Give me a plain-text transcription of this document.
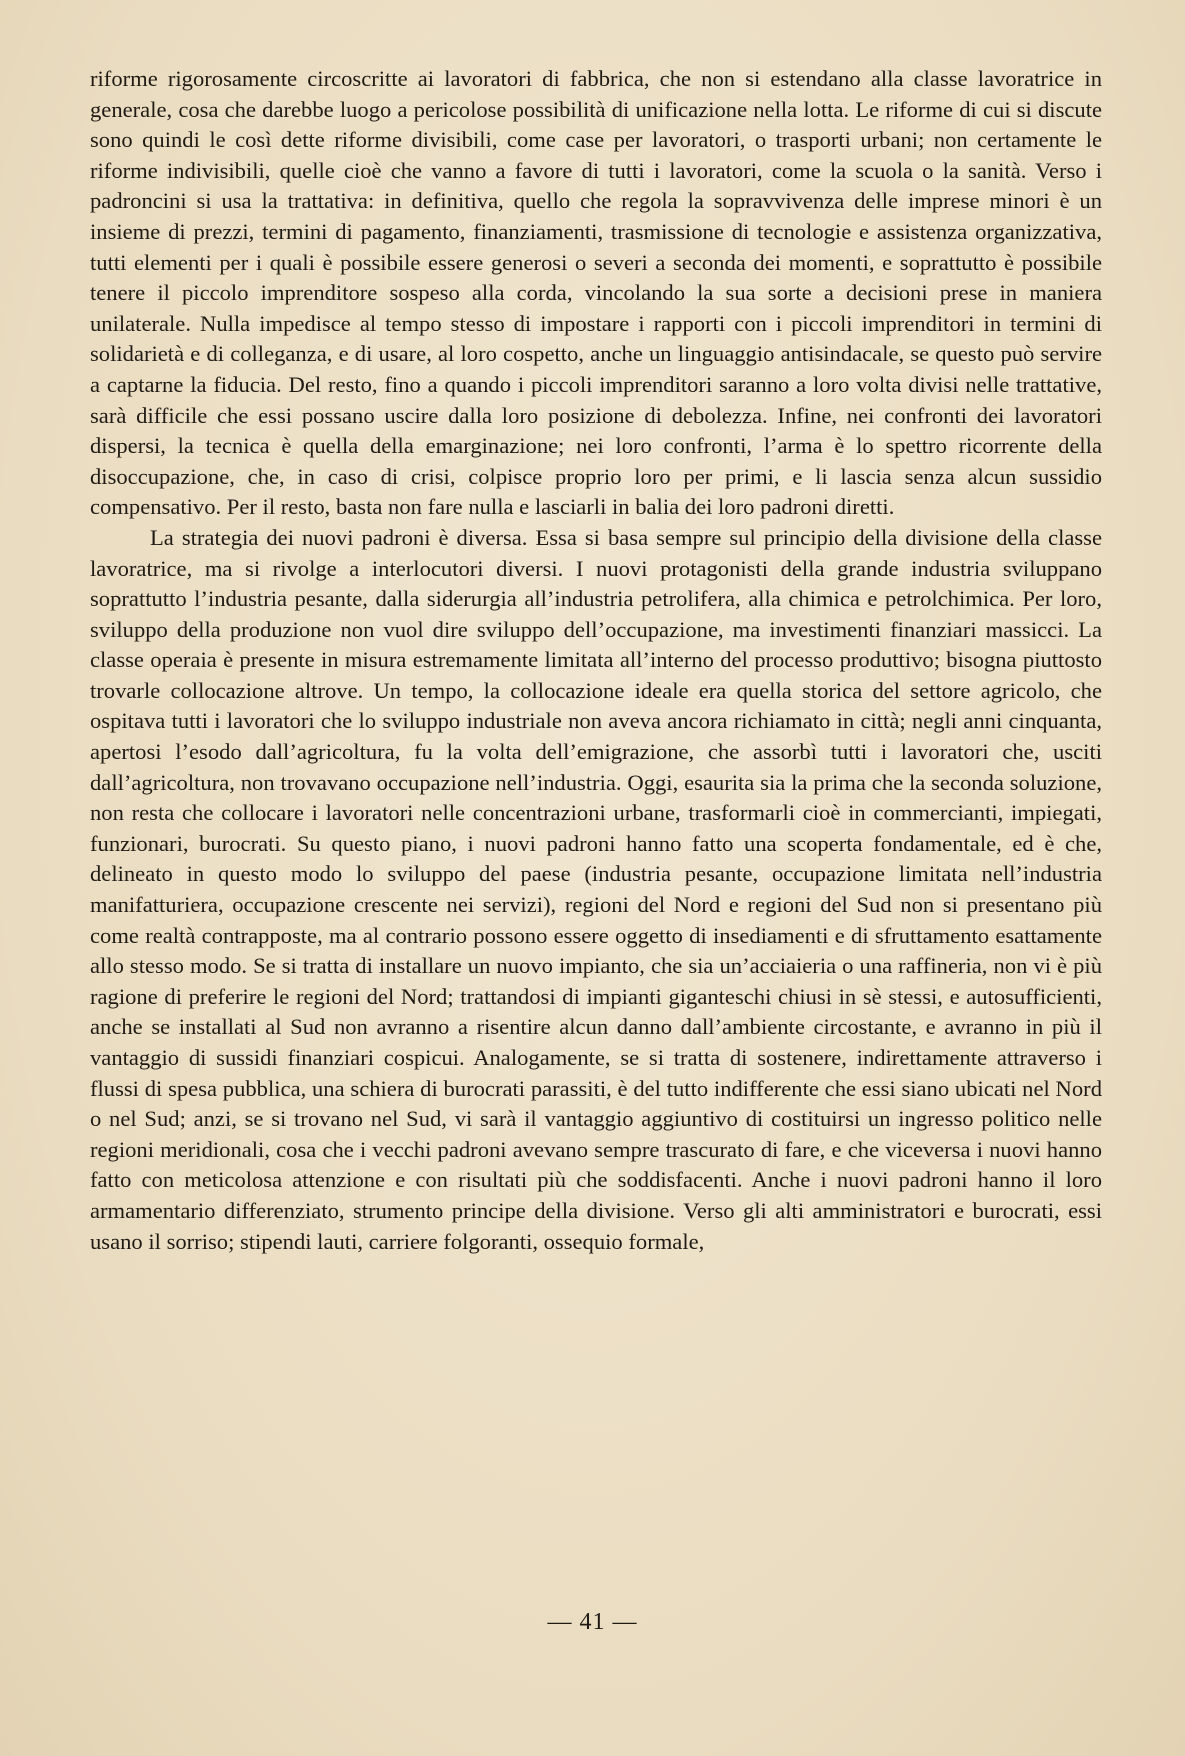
riforme rigorosamente circoscritte ai lavoratori di fabbrica, che non si estendano alla classe lavoratrice in generale, cosa che darebbe luogo a pericolose possibilità di unificazione nella lotta. Le riforme di cui si discute sono quindi le così dette riforme divisibili, come case per lavoratori, o trasporti urbani; non certamente le riforme indivisibili, quelle cioè che vanno a favore di tutti i lavoratori, come la scuola o la sanità. Verso i padroncini si usa la trattativa: in definitiva, quello che regola la sopravvivenza delle imprese minori è un insieme di prezzi, termini di pagamento, finanziamenti, trasmissione di tecnologie e assistenza organizzativa, tutti elementi per i quali è possibile essere generosi o severi a seconda dei momenti, e soprattutto è possibile tenere il piccolo imprenditore sospeso alla corda, vincolando la sua sorte a decisioni prese in maniera unilaterale. Nulla impedisce al tempo stesso di impostare i rapporti con i piccoli imprenditori in termini di solidarietà e di colleganza, e di usare, al loro cospetto, anche un linguaggio antisindacale, se questo può servire a captarne la fiducia. Del resto, fino a quando i piccoli imprenditori saranno a loro volta divisi nelle trattative, sarà difficile che essi possano uscire dalla loro posizione di debolezza. Infine, nei confronti dei lavoratori dispersi, la tecnica è quella della emarginazione; nei loro confronti, l’arma è lo spettro ricorrente della disoccupazione, che, in caso di crisi, colpisce proprio loro per primi, e li lascia senza alcun sussidio compensativo. Per il resto, basta non fare nulla e lasciarli in balia dei loro padroni diretti.

La strategia dei nuovi padroni è diversa. Essa si basa sempre sul principio della divisione della classe lavoratrice, ma si rivolge a interlocutori diversi. I nuovi protagonisti della grande industria sviluppano soprattutto l’industria pesante, dalla siderurgia all’industria petrolifera, alla chimica e petrolchimica. Per loro, sviluppo della produzione non vuol dire sviluppo dell’occupazione, ma investimenti finanziari massicci. La classe operaia è presente in misura estremamente limitata all’interno del processo produttivo; bisogna piuttosto trovarle collocazione altrove. Un tempo, la collocazione ideale era quella storica del settore agricolo, che ospitava tutti i lavoratori che lo sviluppo industriale non aveva ancora richiamato in città; negli anni cinquanta, apertosi l’esodo dall’agricoltura, fu la volta dell’emigrazione, che assorbì tutti i lavoratori che, usciti dall’agricoltura, non trovavano occupazione nell’industria. Oggi, esaurita sia la prima che la seconda soluzione, non resta che collocare i lavoratori nelle concentrazioni urbane, trasformarli cioè in commercianti, impiegati, funzionari, burocrati. Su questo piano, i nuovi padroni hanno fatto una scoperta fondamentale, ed è che, delineato in questo modo lo sviluppo del paese (industria pesante, occupazione limitata nell’industria manifatturiera, occupazione crescente nei servizi), regioni del Nord e regioni del Sud non si presentano più come realtà contrapposte, ma al contrario possono essere oggetto di insediamenti e di sfruttamento esattamente allo stesso modo. Se si tratta di installare un nuovo impianto, che sia un’acciaieria o una raffineria, non vi è più ragione di preferire le regioni del Nord; trattandosi di impianti giganteschi chiusi in sè stessi, e autosufficienti, anche se installati al Sud non avranno a risentire alcun danno dall’ambiente circostante, e avranno in più il vantaggio di sussidi finanziari cospicui. Analogamente, se si tratta di sostenere, indirettamente attraverso i flussi di spesa pubblica, una schiera di burocrati parassiti, è del tutto indifferente che essi siano ubicati nel Nord o nel Sud; anzi, se si trovano nel Sud, vi sarà il vantaggio aggiuntivo di costituirsi un ingresso politico nelle regioni meridionali, cosa che i vecchi padroni avevano sempre trascurato di fare, e che viceversa i nuovi hanno fatto con meticolosa attenzione e con risultati più che soddisfacenti. Anche i nuovi padroni hanno il loro armamentario differenziato, strumento principe della divisione. Verso gli alti amministratori e burocrati, essi usano il sorriso; stipendi lauti, carriere folgoranti, ossequio formale,

— 41 —
